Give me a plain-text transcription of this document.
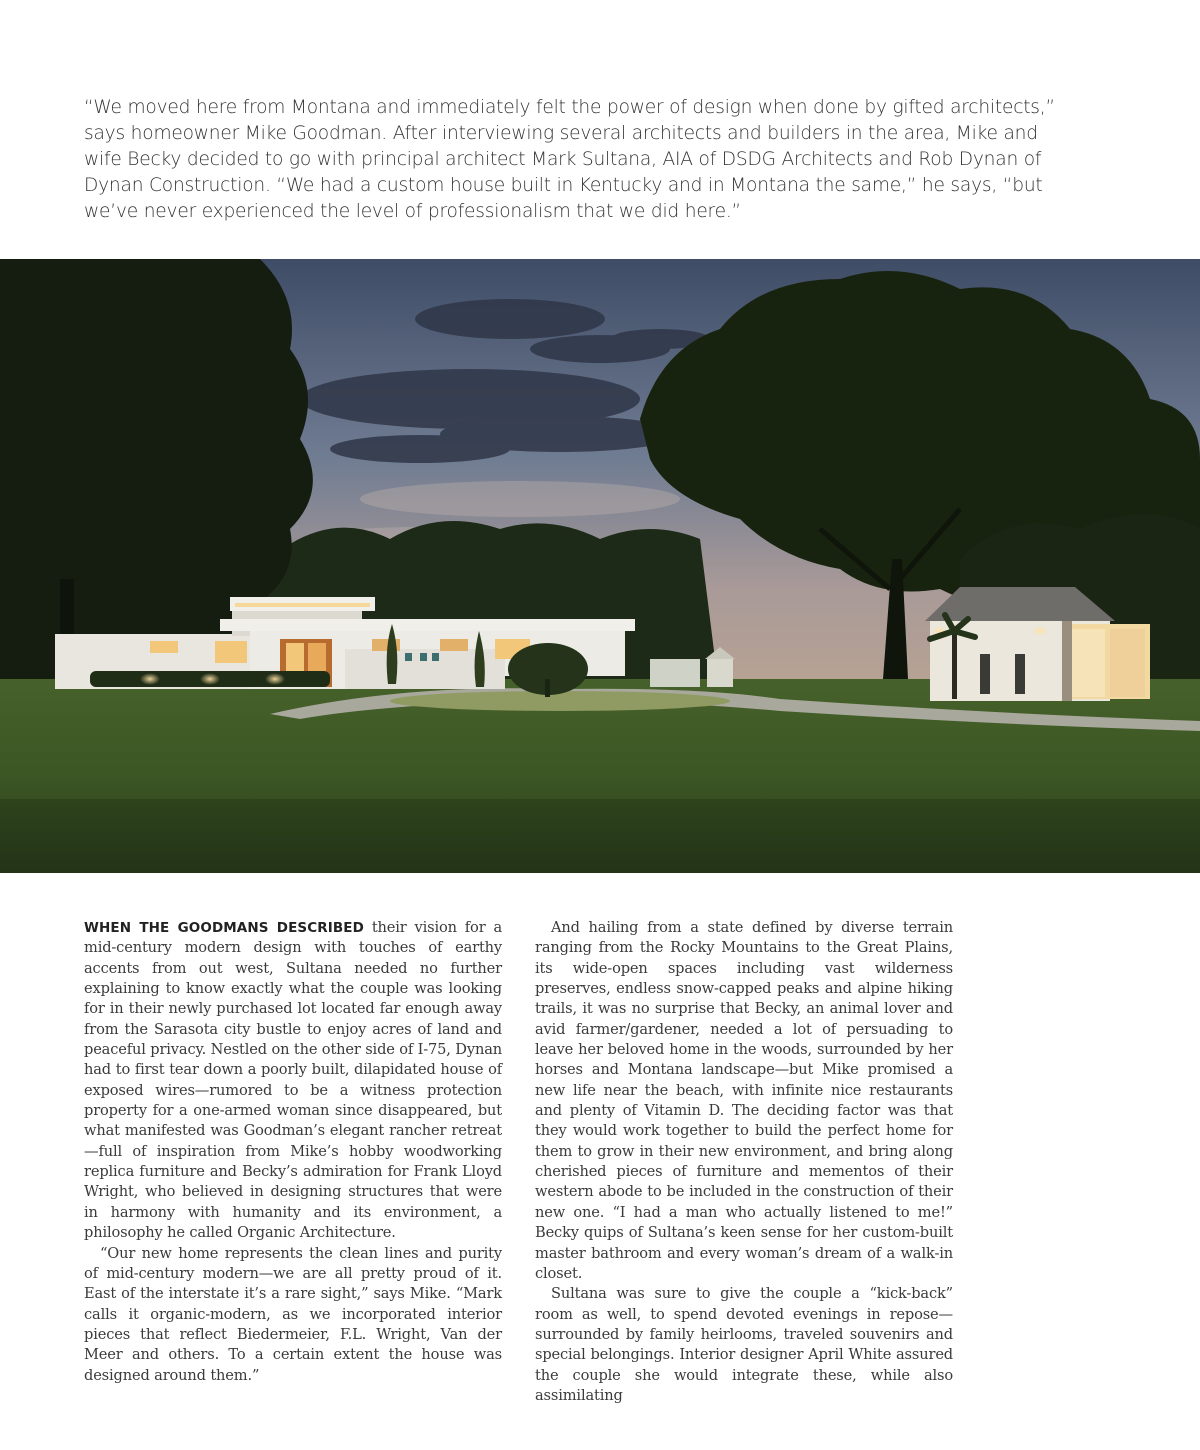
“We moved here from Montana and immediately felt the power of design when done by gifted architects,” says homeowner Mike Goodman. After interviewing several architects and builders in the area, Mike and wife Becky decided to go with principal architect Mark Sultana, AIA of DSDG Architects and Rob Dynan of Dynan Construction. “We had a custom house built in Kentucky and in Montana the same,” he says, “but we’ve never experienced the level of professionalism that we did here.”

WHEN THE GOODMANS DESCRIBED their vision for a mid-century modern design with touches of earthy accents from out west, Sultana needed no further explaining to know exactly what the couple was looking for in their newly purchased lot located far enough away from the Sarasota city bustle to enjoy acres of land and peaceful privacy. Nestled on the other side of I-75, Dynan had to first tear down a poorly built, dilapidated house of exposed wires—rumored to be a witness protection property for a one-armed woman since disappeared, but what manifested was Goodman’s elegant rancher retreat—full of inspiration from Mike’s hobby woodworking replica furniture and Becky’s admiration for Frank Lloyd Wright, who believed in designing structures that were in harmony with humanity and its environment, a philosophy he called Organic Architecture.

“Our new home represents the clean lines and purity of mid-century modern—we are all pretty proud of it. East of the interstate it’s a rare sight,” says Mike. “Mark calls it organic-modern, as we incorporated interior pieces that reflect Biedermeier, F.L. Wright, Van der Meer and others. To a certain extent the house was designed around them.”

And hailing from a state defined by diverse terrain ranging from the Rocky Mountains to the Great Plains, its wide-open spaces including vast wilderness preserves, endless snow-capped peaks and alpine hiking trails, it was no surprise that Becky, an animal lover and avid farmer/gardener, needed a lot of persuading to leave her beloved home in the woods, surrounded by her horses and Montana landscape—but Mike promised a new life near the beach, with infinite nice restaurants and plenty of Vitamin D. The deciding factor was that they would work together to build the perfect home for them to grow in their new environment, and bring along cherished pieces of furniture and mementos of their western abode to be included in the construction of their new one. “I had a man who actually listened to me!” Becky quips of Sultana’s keen sense for her custom-built master bathroom and every woman’s dream of a walk-in closet.

Sultana was sure to give the couple a “kick-back” room as well, to spend devoted evenings in repose—surrounded by family heirlooms, traveled souvenirs and special belongings. Interior designer April White assured the couple she would integrate these, while also assimilating
